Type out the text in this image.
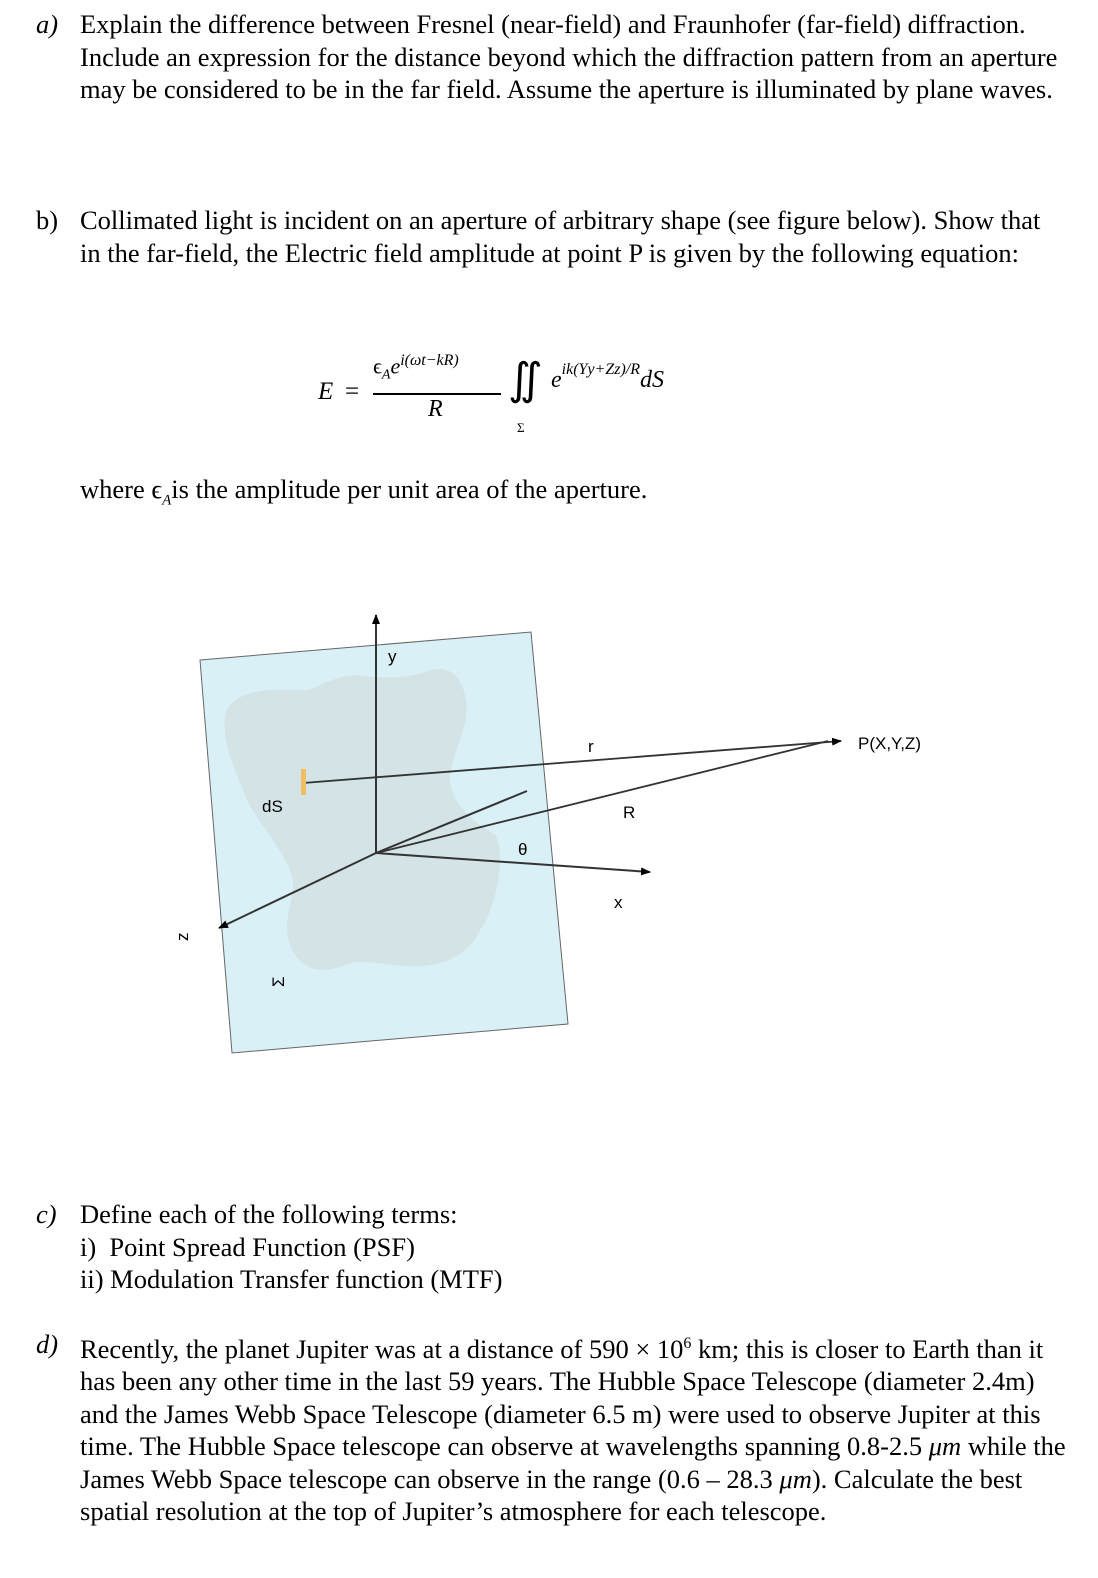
a) Explain the difference between Fresnel (near-field) and Fraunhofer (far-field) diffraction. Include an expression for the distance beyond which the diffraction pattern from an aperture may be considered to be in the far field. Assume the aperture is illuminated by plane waves.

b) Collimated light is incident on an aperture of arbitrary shape (see figure below). Show that in the far-field, the Electric field amplitude at point P is given by the following equation:

E =
$\epsilon_Ae^{i(\omega t-kR)}$
R
∬
Σ
$e^{ik(Yy+Zz)/R}dS$
where $\epsilon_Ais$ the amplitude per unit area of the aperture.
y
r	P(X,Y,Z)
dS	R
θ
x
z
Σ
c) Define each of the following terms:

i)  Point Spread Function (PSF)
ii) Modulation Transfer function (MTF)
d) Recently, the planet Jupiter was at a distance of $590 \times 10^6$ km; this is closer to Earth than it has been any other time in the last 59 years. The Hubble Space Telescope (diameter 2.4m) and the James Webb Space Telescope (diameter 6.5 m) were used to observe Jupiter at this time. The Hubble Space telescope can observe at wavelengths spanning 0.8-2.5 μm while the James Webb Space telescope can observe in the range (0.6 – 28.3 μm). Calculate the best spatial resolution at the top of Jupiter’s atmosphere for each telescope.
